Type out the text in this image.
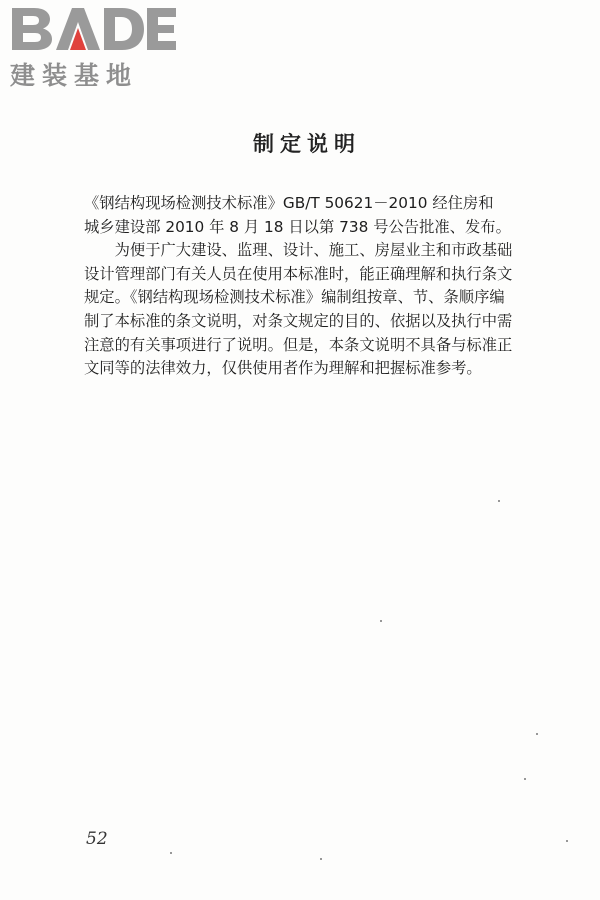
建装基地
制定说明
《钢结构现场检测技术标准》GB/T 50621－2010 经住房和
城乡建设部 2010 年 8 月 18 日以第 738 号公告批准、发布。
　　为便于广大建设、监理、设计、施工、房屋业主和市政基础
设计管理部门有关人员在使用本标准时，能正确理解和执行条文
规定。《钢结构现场检测技术标准》编制组按章、节、条顺序编
制了本标准的条文说明，对条文规定的目的、依据以及执行中需
注意的有关事项进行了说明。但是，本条文说明不具备与标准正
文同等的法律效力，仅供使用者作为理解和把握标准参考。
52
